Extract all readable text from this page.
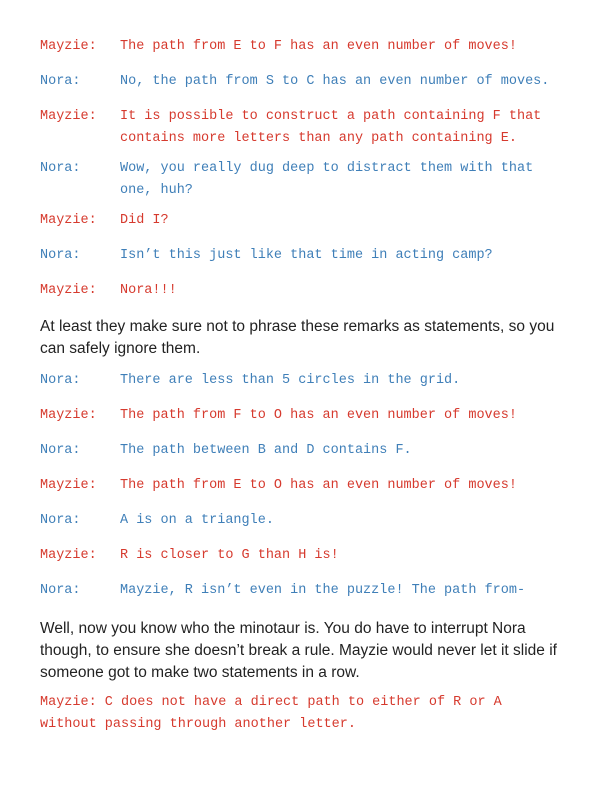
Mayzie:

The path from E to F has an even number of moves!

Nora:

	No, the path from S to C has an even number of moves.

Mayzie:

It is possible to construct a path containing F that contains more letters than any path containing E.

Nora:

	Wow, you really dug deep to distract them with that one, huh?

Mayzie:

Did I?

Nora:

	Isn’t this just like that time in acting camp?

Mayzie:

Nora!!!

At least they make sure not to phrase these remarks as statements, so you can safely ignore them.

Nora:

	There are less than 5 circles in the grid.

Mayzie:

The path from F to O has an even number of moves!

Nora:

	The path between B and D contains F.

Mayzie:

The path from E to O has an even number of moves!

Nora:

	A is on a triangle.

Mayzie:

R is closer to G than H is!

Nora:

	Mayzie, R isn’t even in the puzzle! The path from-

Well, now you know who the minotaur is. You do have to interrupt Nora though, to ensure she doesn’t break a rule. Mayzie would never let it slide if someone got to make two statements in a row.
Mayzie: C does not have a direct path to either of R or A without passing through another letter.
